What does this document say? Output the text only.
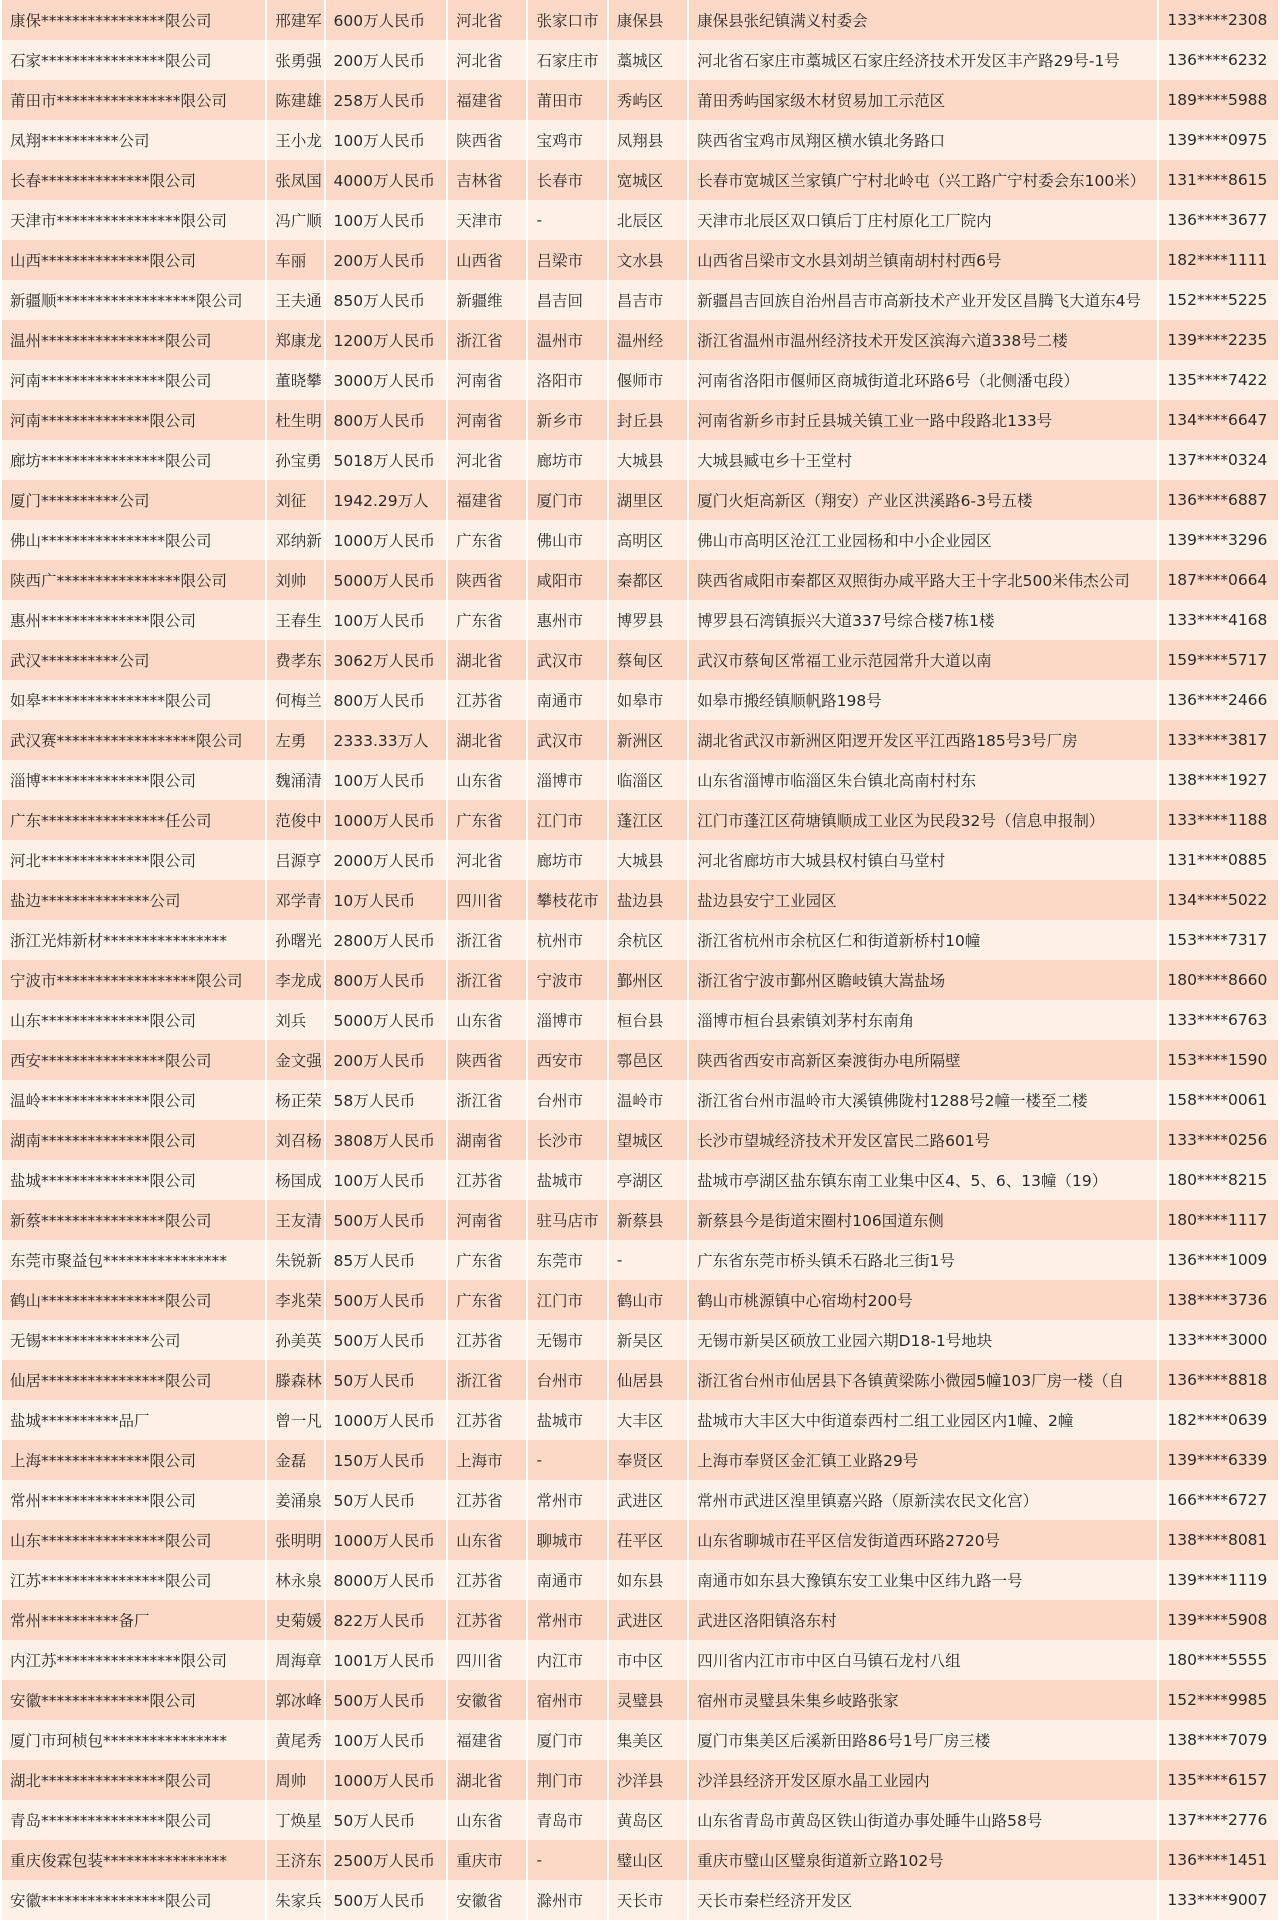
康保****************限公司	邢建军	600万人民币	河北省	张家口市	康保县	康保县张纪镇满义村委会	133****2308
石家****************限公司	张勇强	200万人民币	河北省	石家庄市	藁城区	河北省石家庄市藁城区石家庄经济技术开发区丰产路29号-1号	136****6232
莆田市****************限公司	陈建雄	258万人民币	福建省	莆田市	秀屿区	莆田秀屿国家级木材贸易加工示范区	189****5988
凤翔**********公司	王小龙	100万人民币	陕西省	宝鸡市	凤翔县	陕西省宝鸡市凤翔区横水镇北务路口	139****0975
长春**************限公司	张凤国	4000万人民币	吉林省	长春市	宽城区	长春市宽城区兰家镇广宁村北岭屯（兴工路广宁村委会东100米）	131****8615
天津市****************限公司	冯广顺	100万人民币	天津市	-	北辰区	天津市北辰区双口镇后丁庄村原化工厂院内	136****3677
山西**************限公司	车丽	200万人民币	山西省	吕梁市	文水县	山西省吕梁市文水县刘胡兰镇南胡村村西6号	182****1111
新疆顺******************限公司	王夫通	850万人民币	新疆维	昌吉回	昌吉市	新疆昌吉回族自治州昌吉市高新技术产业开发区昌腾飞大道东4号	152****5225
温州****************限公司	郑康龙	1200万人民币	浙江省	温州市	温州经	浙江省温州市温州经济技术开发区滨海六道338号二楼	139****2235
河南****************限公司	董晓攀	3000万人民币	河南省	洛阳市	偃师市	河南省洛阳市偃师区商城街道北环路6号（北侧潘屯段）	135****7422
河南**************限公司	杜生明	800万人民币	河南省	新乡市	封丘县	河南省新乡市封丘县城关镇工业一路中段路北133号	134****6647
廊坊****************限公司	孙宝勇	5018万人民币	河北省	廊坊市	大城县	大城县臧屯乡十王堂村	137****0324
厦门**********公司	刘征	1942.29万人	福建省	厦门市	湖里区	厦门火炬高新区（翔安）产业区洪溪路6-3号五楼	136****6887
佛山****************限公司	邓纳新	1000万人民币	广东省	佛山市	高明区	佛山市高明区沧江工业园杨和中小企业园区	139****3296
陕西广****************限公司	刘帅	5000万人民币	陕西省	咸阳市	秦都区	陕西省咸阳市秦都区双照街办咸平路大王十字北500米伟杰公司	187****0664
惠州**************限公司	王春生	100万人民币	广东省	惠州市	博罗县	博罗县石湾镇振兴大道337号综合楼7栋1楼	133****4168
武汉**********公司	费孝东	3062万人民币	湖北省	武汉市	蔡甸区	武汉市蔡甸区常福工业示范园常升大道以南	159****5717
如皋****************限公司	何梅兰	800万人民币	江苏省	南通市	如皋市	如皋市搬经镇顺帆路198号	136****2466
武汉赛******************限公司	左勇	2333.33万人	湖北省	武汉市	新洲区	湖北省武汉市新洲区阳逻开发区平江西路185号3号厂房	133****3817
淄博**************限公司	魏涌清	100万人民币	山东省	淄博市	临淄区	山东省淄博市临淄区朱台镇北高南村村东	138****1927
广东****************任公司	范俊中	1000万人民币	广东省	江门市	蓬江区	江门市蓬江区荷塘镇顺成工业区为民段32号（信息申报制）	133****1188
河北**************限公司	吕源亨	2000万人民币	河北省	廊坊市	大城县	河北省廊坊市大城县权村镇白马堂村	131****0885
盐边**************公司	邓学青	10万人民币	四川省	攀枝花市	盐边县	盐边县安宁工业园区	134****5022
浙江光炜新材****************	孙曙光	2800万人民币	浙江省	杭州市	余杭区	浙江省杭州市余杭区仁和街道新桥村10幢	153****7317
宁波市******************限公司	李龙成	800万人民币	浙江省	宁波市	鄞州区	浙江省宁波市鄞州区瞻岐镇大嵩盐场	180****8660
山东**************限公司	刘兵	5000万人民币	山东省	淄博市	桓台县	淄博市桓台县索镇刘茅村东南角	133****6763
西安****************限公司	金文强	200万人民币	陕西省	西安市	鄠邑区	陕西省西安市高新区秦渡街办电所隔壁	153****1590
温岭**************限公司	杨正荣	58万人民币	浙江省	台州市	温岭市	浙江省台州市温岭市大溪镇佛陇村1288号2幢一楼至二楼	158****0061
湖南**************限公司	刘召杨	3808万人民币	湖南省	长沙市	望城区	长沙市望城经济技术开发区富民二路601号	133****0256
盐城**************限公司	杨国成	100万人民币	江苏省	盐城市	亭湖区	盐城市亭湖区盐东镇东南工业集中区4、5、6、13幢（19）	180****8215
新蔡****************限公司	王友清	500万人民币	河南省	驻马店市	新蔡县	新蔡县今是街道宋圈村106国道东侧	180****1117
东莞市聚益包****************	朱锐新	85万人民币	广东省	东莞市	-	广东省东莞市桥头镇禾石路北三街1号	136****1009
鹤山****************限公司	李兆荣	500万人民币	广东省	江门市	鹤山市	鹤山市桃源镇中心宿坳村200号	138****3736
无锡**************公司	孙美英	500万人民币	江苏省	无锡市	新吴区	无锡市新吴区硕放工业园六期D18-1号地块	133****3000
仙居****************限公司	滕森林	50万人民币	浙江省	台州市	仙居县	浙江省台州市仙居县下各镇黄梁陈小微园5幢103厂房一楼（自	136****8818
盐城**********品厂	曾一凡	1000万人民币	江苏省	盐城市	大丰区	盐城市大丰区大中街道泰西村二组工业园区内1幢、2幢	182****0639
上海**************限公司	金磊	150万人民币	上海市	-	奉贤区	上海市奉贤区金汇镇工业路29号	139****6339
常州**************限公司	姜涌泉	50万人民币	江苏省	常州市	武进区	常州市武进区湟里镇嘉兴路（原新渎农民文化宫）	166****6727
山东****************限公司	张明明	1000万人民币	山东省	聊城市	茌平区	山东省聊城市茌平区信发街道西环路2720号	138****8081
江苏****************限公司	林永泉	8000万人民币	江苏省	南通市	如东县	南通市如东县大豫镇东安工业集中区纬九路一号	139****1119
常州**********备厂	史菊媛	822万人民币	江苏省	常州市	武进区	武进区洛阳镇洛东村	139****5908
内江苏****************限公司	周海章	1001万人民币	四川省	内江市	市中区	四川省内江市市中区白马镇石龙村八组	180****5555
安徽**************限公司	郭冰峰	500万人民币	安徽省	宿州市	灵璧县	宿州市灵璧县朱集乡岐路张家	152****9985
厦门市珂桢包****************	黄尾秀	100万人民币	福建省	厦门市	集美区	厦门市集美区后溪新田路86号1号厂房三楼	138****7079
湖北****************限公司	周帅	1000万人民币	湖北省	荆门市	沙洋县	沙洋县经济开发区原水晶工业园内	135****6157
青岛****************限公司	丁焕星	50万人民币	山东省	青岛市	黄岛区	山东省青岛市黄岛区铁山街道办事处睡牛山路58号	137****2776
重庆俊霖包装****************	王济东	2500万人民币	重庆市	-	璧山区	重庆市璧山区璧泉街道新立路102号	136****1451
安徽****************限公司	朱家兵	500万人民币	安徽省	滁州市	天长市	天长市秦栏经济开发区	133****9007
